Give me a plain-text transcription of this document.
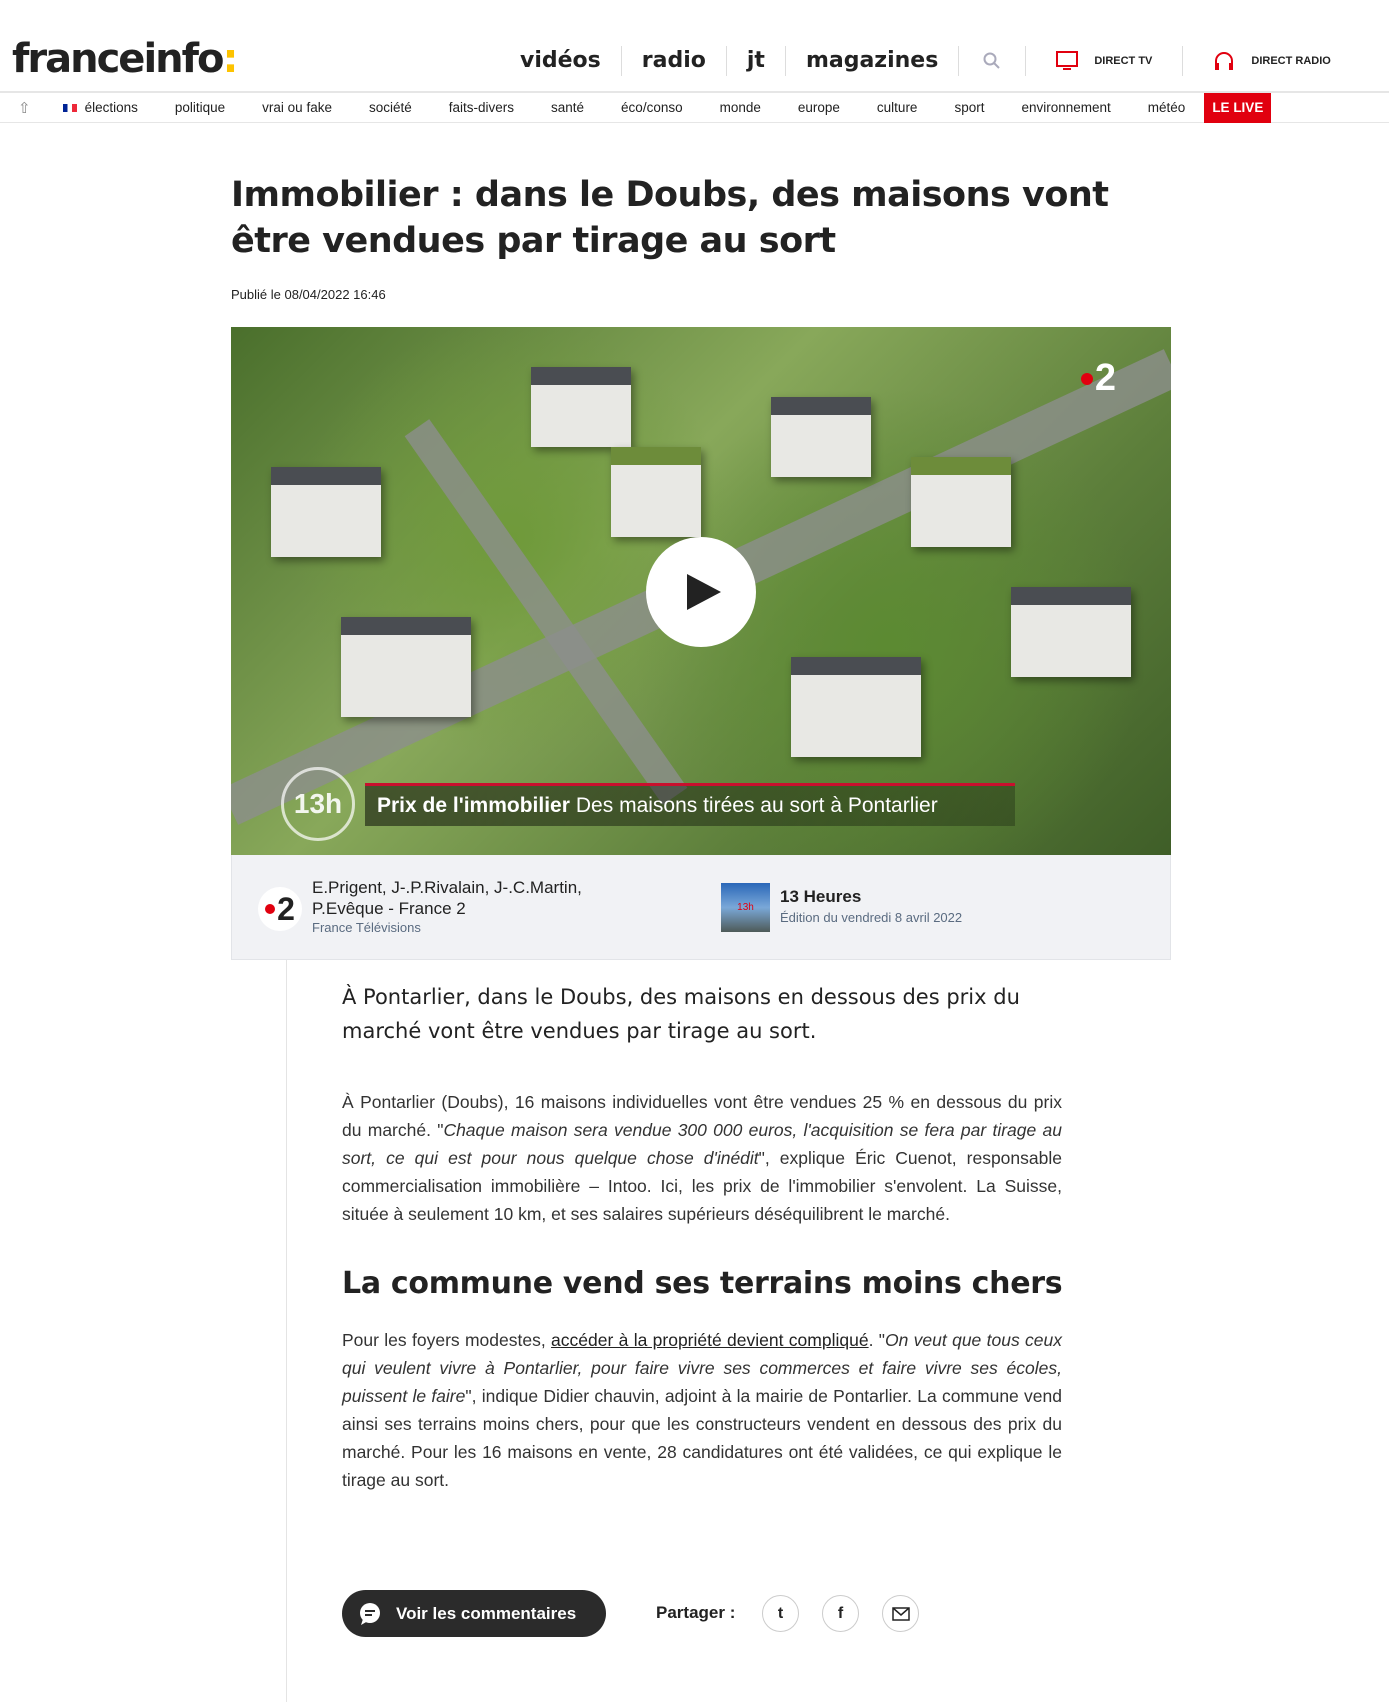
franceinfo:	vidéos	radio	jt	magazines	DIRECT TV	DIRECT RADIO
⇧	élections	politique	vrai ou fake	société	faits-divers	santé	éco/conso	monde	europe	culture	sport	environnement	météo	LE LIVE
Immobilier : dans le Doubs, des maisons vont être vendues par tirage au sort
Publié le 08/04/2022 16:46
2
13h	Prix de l'immobilier Des maisons tirées au sort à Pontarlier
2
E.Prigent, J-.P.Rivalain, J-.C.Martin, P.Evêque - France 2
France Télévisions
13h
13 Heures
Édition du vendredi 8 avril 2022

À Pontarlier, dans le Doubs, des maisons en dessous des prix du marché vont être vendues par tirage au sort.

À Pontarlier (Doubs), 16 maisons individuelles vont être vendues 25 % en dessous du prix du marché. "Chaque maison sera vendue 300 000 euros, l'acquisition se fera par tirage au sort, ce qui est pour nous quelque chose d'inédit", explique Éric Cuenot, responsable commercialisation immobilière – Intoo. Ici, les prix de l'immobilier s'envolent. La Suisse, située à seulement 10 km, et ses salaires supérieurs déséquilibrent le marché.

La commune vend ses terrains moins chers

Pour les foyers modestes, accéder à la propriété devient compliqué. "On veut que tous ceux qui veulent vivre à Pontarlier, pour faire vivre ses commerces et faire vivre ses écoles, puissent le faire", indique Didier chauvin, adjoint à la mairie de Pontarlier. La commune vend ainsi ses terrains moins chers, pour que les constructeurs vendent en dessous des prix du marché. Pour les 16 maisons en vente, 28 candidatures ont été validées, ce qui explique le tirage au sort.

Voir les commentaires	Partager :	t	f
